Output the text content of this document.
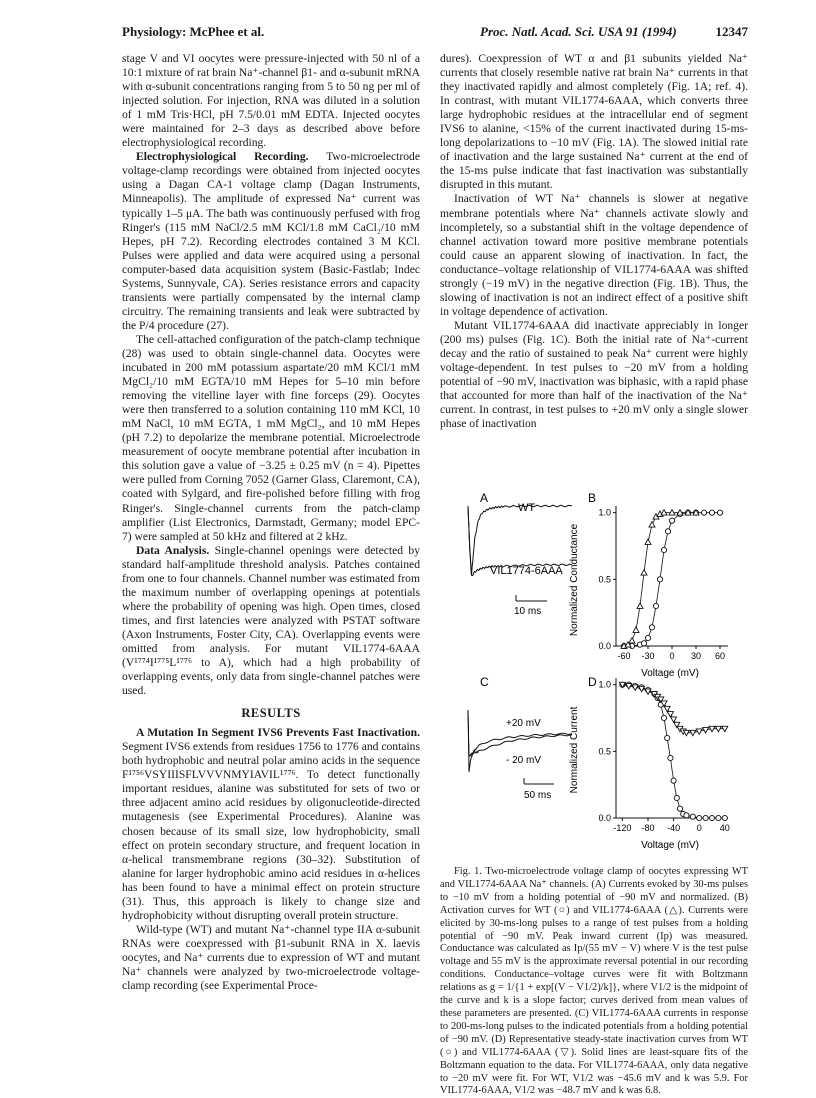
Physiology: McPhee et al.	Proc. Natl. Acad. Sci. USA 91 (1994)	12347

stage V and VI oocytes were pressure-injected with 50 nl of a 10:1 mixture of rat brain Na⁺-channel β1- and α-subunit mRNA with α-subunit concentrations ranging from 5 to 50 ng per ml of injected solution. For injection, RNA was diluted in a solution of 1 mM Tris·HCl, pH 7.5/0.01 mM EDTA. Injected oocytes were maintained for 2–3 days as described above before electrophysiological recording.

Electrophysiological Recording. Two-microelectrode voltage-clamp recordings were obtained from injected oocytes using a Dagan CA-1 voltage clamp (Dagan Instruments, Minneapolis). The amplitude of expressed Na⁺ current was typically 1–5 μA. The bath was continuously perfused with frog Ringer's (115 mM NaCl/2.5 mM KCl/1.8 mM CaCl₂/10 mM Hepes, pH 7.2). Recording electrodes contained 3 M KCl. Pulses were applied and data were acquired using a personal computer-based data acquisition system (Basic-Fastlab; Indec Systems, Sunnyvale, CA). Series resistance errors and capacity transients were partially compensated by the internal clamp circuitry. The remaining transients and leak were subtracted by the P/4 procedure (27).

The cell-attached configuration of the patch-clamp technique (28) was used to obtain single-channel data. Oocytes were incubated in 200 mM potassium aspartate/20 mM KCl/1 mM MgCl₂/10 mM EGTA/10 mM Hepes for 5–10 min before removing the vitelline layer with fine forceps (29). Oocytes were then transferred to a solution containing 110 mM KCl, 10 mM NaCl, 10 mM EGTA, 1 mM MgCl₂, and 10 mM Hepes (pH 7.2) to depolarize the membrane potential. Microelectrode measurement of oocyte membrane potential after incubation in this solution gave a value of −3.25 ± 0.25 mV (n = 4). Pipettes were pulled from Corning 7052 (Garner Glass, Claremont, CA), coated with Sylgard, and fire-polished before filling with frog Ringer's. Single-channel currents from the patch-clamp amplifier (List Electronics, Darmstadt, Germany; model EPC-7) were sampled at 50 kHz and filtered at 2 kHz.

Data Analysis. Single-channel openings were detected by standard half-amplitude threshold analysis. Patches contained from one to four channels. Channel number was estimated from the maximum number of overlapping openings at potentials where the probability of opening was high. Open times, closed times, and first latencies were analyzed with PSTAT software (Axon Instruments, Foster City, CA). Overlapping events were omitted from analysis. For mutant VIL1774-6AAA (V¹⁷⁷⁴I¹⁷⁷⁵L¹⁷⁷⁶ to A), which had a high probability of overlapping events, only data from single-channel patches were used.

RESULTS

A Mutation In Segment IVS6 Prevents Fast Inactivation. Segment IVS6 extends from residues 1756 to 1776 and contains both hydrophobic and neutral polar amino acids in the sequence F¹⁷⁵⁶VSYIIISFLVVVNMYIAVIL¹⁷⁷⁶. To detect functionally important residues, alanine was substituted for sets of two or three adjacent amino acid residues by oligonucleotide-directed mutagenesis (see Experimental Procedures). Alanine was chosen because of its small size, low hydrophobicity, small effect on protein secondary structure, and frequent location in α-helical transmembrane regions (30–32). Substitution of alanine for larger hydrophobic amino acid residues in α-helices has been found to have a minimal effect on protein structure (31). Thus, this approach is likely to change size and hydrophobicity without disrupting overall protein structure.

Wild-type (WT) and mutant Na⁺-channel type IIA α-subunit RNAs were coexpressed with β1-subunit RNA in X. laevis oocytes, and Na⁺ currents due to expression of WT and mutant Na⁺ channels were analyzed by two-microelectrode voltage-clamp recording (see Experimental Proce-

dures). Coexpression of WT α and β1 subunits yielded Na⁺ currents that closely resemble native rat brain Na⁺ currents in that they inactivated rapidly and almost completely (Fig. 1A; ref. 4). In contrast, with mutant VIL1774-6AAA, which converts three large hydrophobic residues at the intracellular end of segment IVS6 to alanine, <15% of the current inactivated during 15-ms-long depolarizations to −10 mV (Fig. 1A). The slowed initial rate of inactivation and the large sustained Na⁺ current at the end of the 15-ms pulse indicate that fast inactivation was substantially disrupted in this mutant.

Inactivation of WT Na⁺ channels is slower at negative membrane potentials where Na⁺ channels activate slowly and incompletely, so a substantial shift in the voltage dependence of channel activation toward more positive membrane potentials could cause an apparent slowing of inactivation. In fact, the conductance–voltage relationship of VIL1774-6AAA was shifted strongly (−19 mV) in the negative direction (Fig. 1B). Thus, the slowing of inactivation is not an indirect effect of a positive shift in voltage dependence of activation.

Mutant VIL1774-6AAA did inactivate appreciably in longer (200 ms) pulses (Fig. 1C). Both the initial rate of Na⁺-current decay and the ratio of sustained to peak Na⁺ current were highly voltage-dependent. In test pulses to −20 mV from a holding potential of −90 mV, inactivation was biphasic, with a rapid phase that accounted for more than half of the inactivation of the Na⁺ current. In contrast, in test pulses to +20 mV only a single slower phase of inactivation

A
WT
VIL1774-6AAA
10 ms
B
1.0
0.5
0.0
-60 -30 0 30 60
Normalized Conductance
Voltage (mV)
C
+20 mV
- 20 mV
50 ms
D 1.0
0.5
0.0
-120 -80 -40 0 40
Normalized Current
Voltage (mV)

Fig. 1. Two-microelectrode voltage clamp of oocytes expressing WT and VIL1774-6AAA Na⁺ channels. (A) Currents evoked by 30-ms pulses to −10 mV from a holding potential of −90 mV and normalized. (B) Activation curves for WT (○) and VIL1774-6AAA (△). Currents were elicited by 30-ms-long pulses to a range of test pulses from a holding potential of −90 mV. Peak inward current (Ip) was measured. Conductance was calculated as Ip/(55 mV − V) where V is the test pulse voltage and 55 mV is the approximate reversal potential in our recording conditions. Conductance–voltage curves were fit with Boltzmann relations as g = 1/{1 + exp[(V − V1/2)/k]}, where V1/2 is the midpoint of the curve and k is a slope factor; curves derived from mean values of these parameters are presented. (C) VIL1774-6AAA currents in response to 200-ms-long pulses to the indicated potentials from a holding potential of −90 mV. (D) Representative steady-state inactivation curves from WT (○) and VIL1774-6AAA (▽). Solid lines are least-square fits of the Boltzmann equation to the data. For VIL1774-6AAA, only data negative to −20 mV were fit. For WT, V1/2 was −45.6 mV and k was 5.9. For VIL1774-6AAA, V1/2 was −48.7 mV and k was 6.8.
